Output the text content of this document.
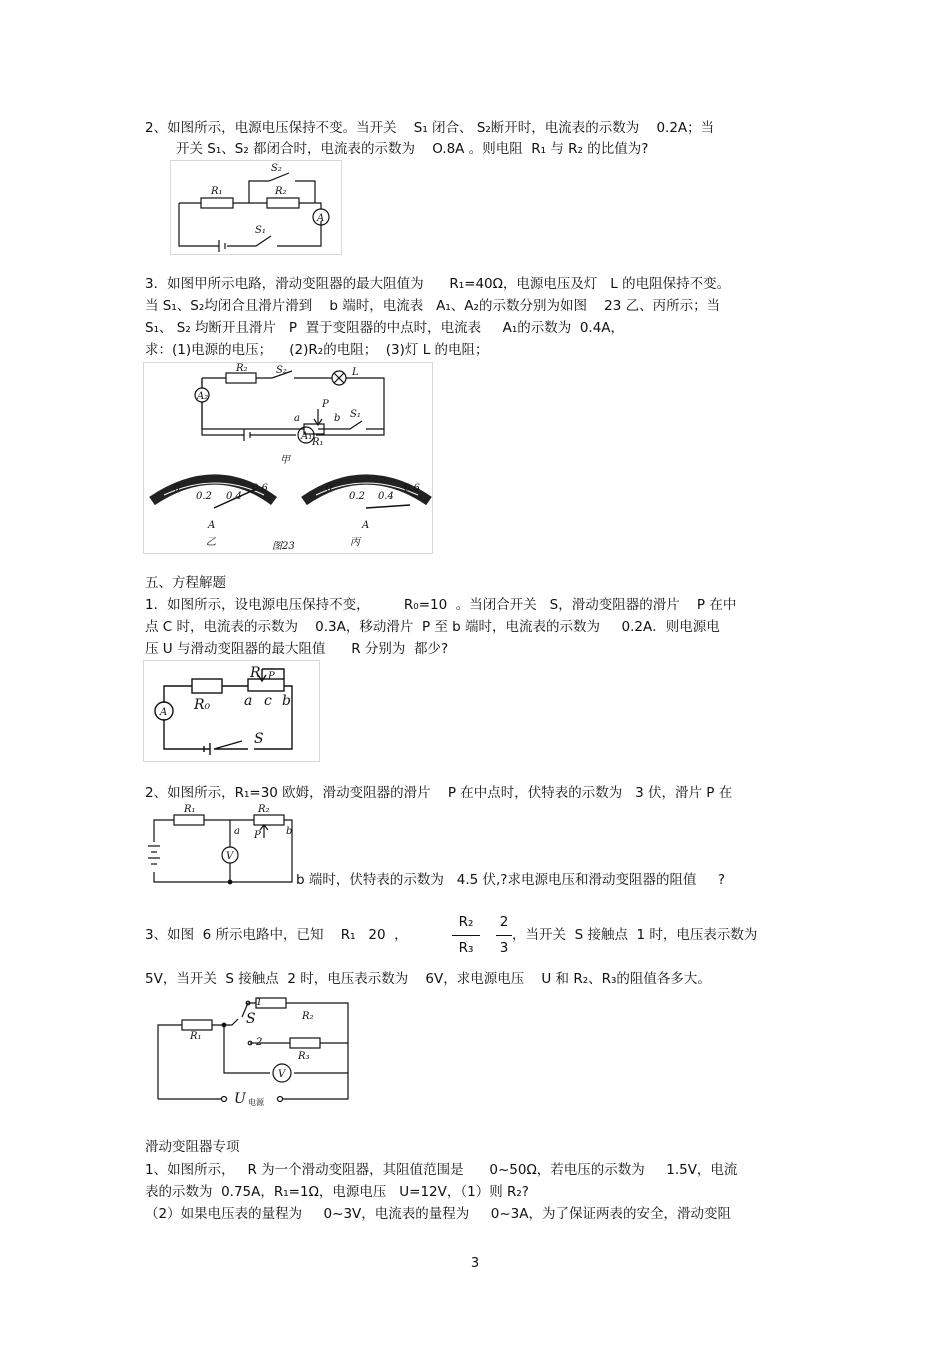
2、如图所示，电源电压保持不变。当开关    S₁ 闭合、 S₂断开时，电流表的示数为    0.2A；当

开关 S₁、S₂ 都闭合时，电流表的示数为    O.8A 。则电阻  R₁ 与 R₂ 的比值为?

R₁	R₂
S₂
S₁
A

3．如图甲所示电路，滑动变阻器的最大阻值为      R₁=40Ω，电源电压及灯   L 的电阻保持不变。

当 S₁、S₂均闭合且滑片滑到    b 端时，电流表   A₁、A₂的示数分别为如图    23 乙、丙所示；当

S₁、 S₂ 均断开且滑片   P  置于变阻器的中点时，电流表     A₁的示数为  0.4A，

求：(1)电源的电压；    (2)R₂的电阻；  (3)灯 L 的电阻；

R₂	S₂	L
A₂
A₁
P
a
R₁
b S₁
甲
0
0.2 0.4
0.6	0
0.2 0.4
0.6
A	A
乙	图23	丙

五、方程解题

1．如图所示，设电源电压保持不变，        R₀=10  。当闭合开关   S，滑动变阻器的滑片    P 在中

点 C 时，电流表的示数为    0.3A，移动滑片  P 至 b 端时，电流表的示数为     0.2A．则电源电

压 U 与滑动变阻器的最大阻值      R 分别为  都少?

R P
R₀ a c b
S
A

2、如图所示，R₁=30 欧姆，滑动变阻器的滑片    P 在中点时，伏特表的示数为   3 伏，滑片 P 在

R₁	R₂
a P	b
V

b 端时，伏特表的示数为   4.5 伏,?求电源电压和滑动变阻器的阻值     ?

3、如图  6 所示电路中，已知    R₁   20  ，

R₂
R₃
2
3

，当开关  S 接触点  1 时，电压表示数为

5V，当开关  S 接触点  2 时，电压表示数为    6V，求电源电压    U 和 R₂、R₃的阻值各多大。

1
2
S
R₁
R₂
R₃
V
U 电源

滑动变阻器专项

1、如图所示，   R 为一个滑动变阻器，其阻值范围是      0~50Ω，若电压的示数为     1.5V，电流

表的示数为  0.75A，R₁=1Ω，电源电压   U=12V，（1）则 R₂?

（2）如果电压表的量程为     0~3V，电流表的量程为     0~3A，为了保证两表的安全，滑动变阻

3
